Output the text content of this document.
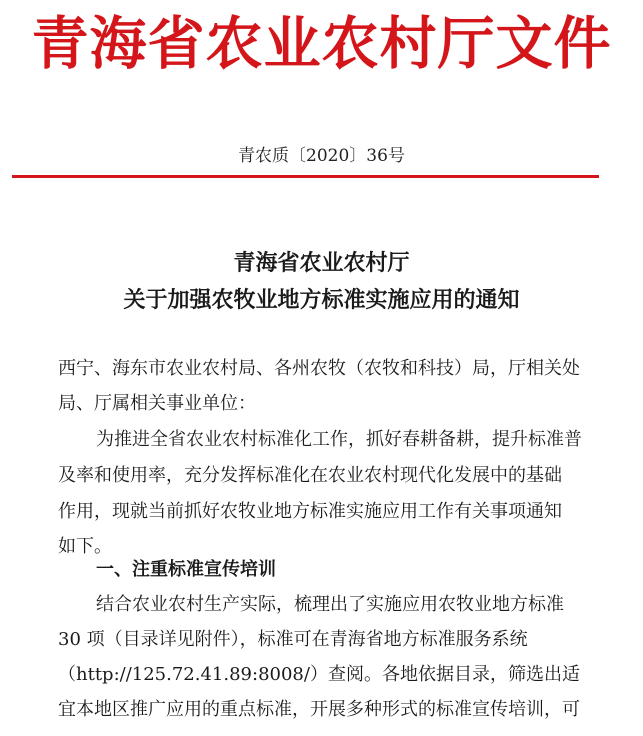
青海省农业农村厅文件
青农质〔2020〕36号
青海省农业农村厅
关于加强农牧业地方标准实施应用的通知
西宁、海东市农业农村局、各州农牧（农牧和科技）局，厅相关处
局、厅属相关事业单位：
为推进全省农业农村标准化工作，抓好春耕备耕，提升标准普
及率和使用率，充分发挥标准化在农业农村现代化发展中的基础
作用，现就当前抓好农牧业地方标准实施应用工作有关事项通知
如下。
一、注重标准宣传培训
结合农业农村生产实际，梳理出了实施应用农牧业地方标准
30 项（目录详见附件），标准可在青海省地方标准服务系统
（http://125.72.41.89:8008/）查阅。各地依据目录，筛选出适
宜本地区推广应用的重点标准，开展多种形式的标准宣传培训，可
